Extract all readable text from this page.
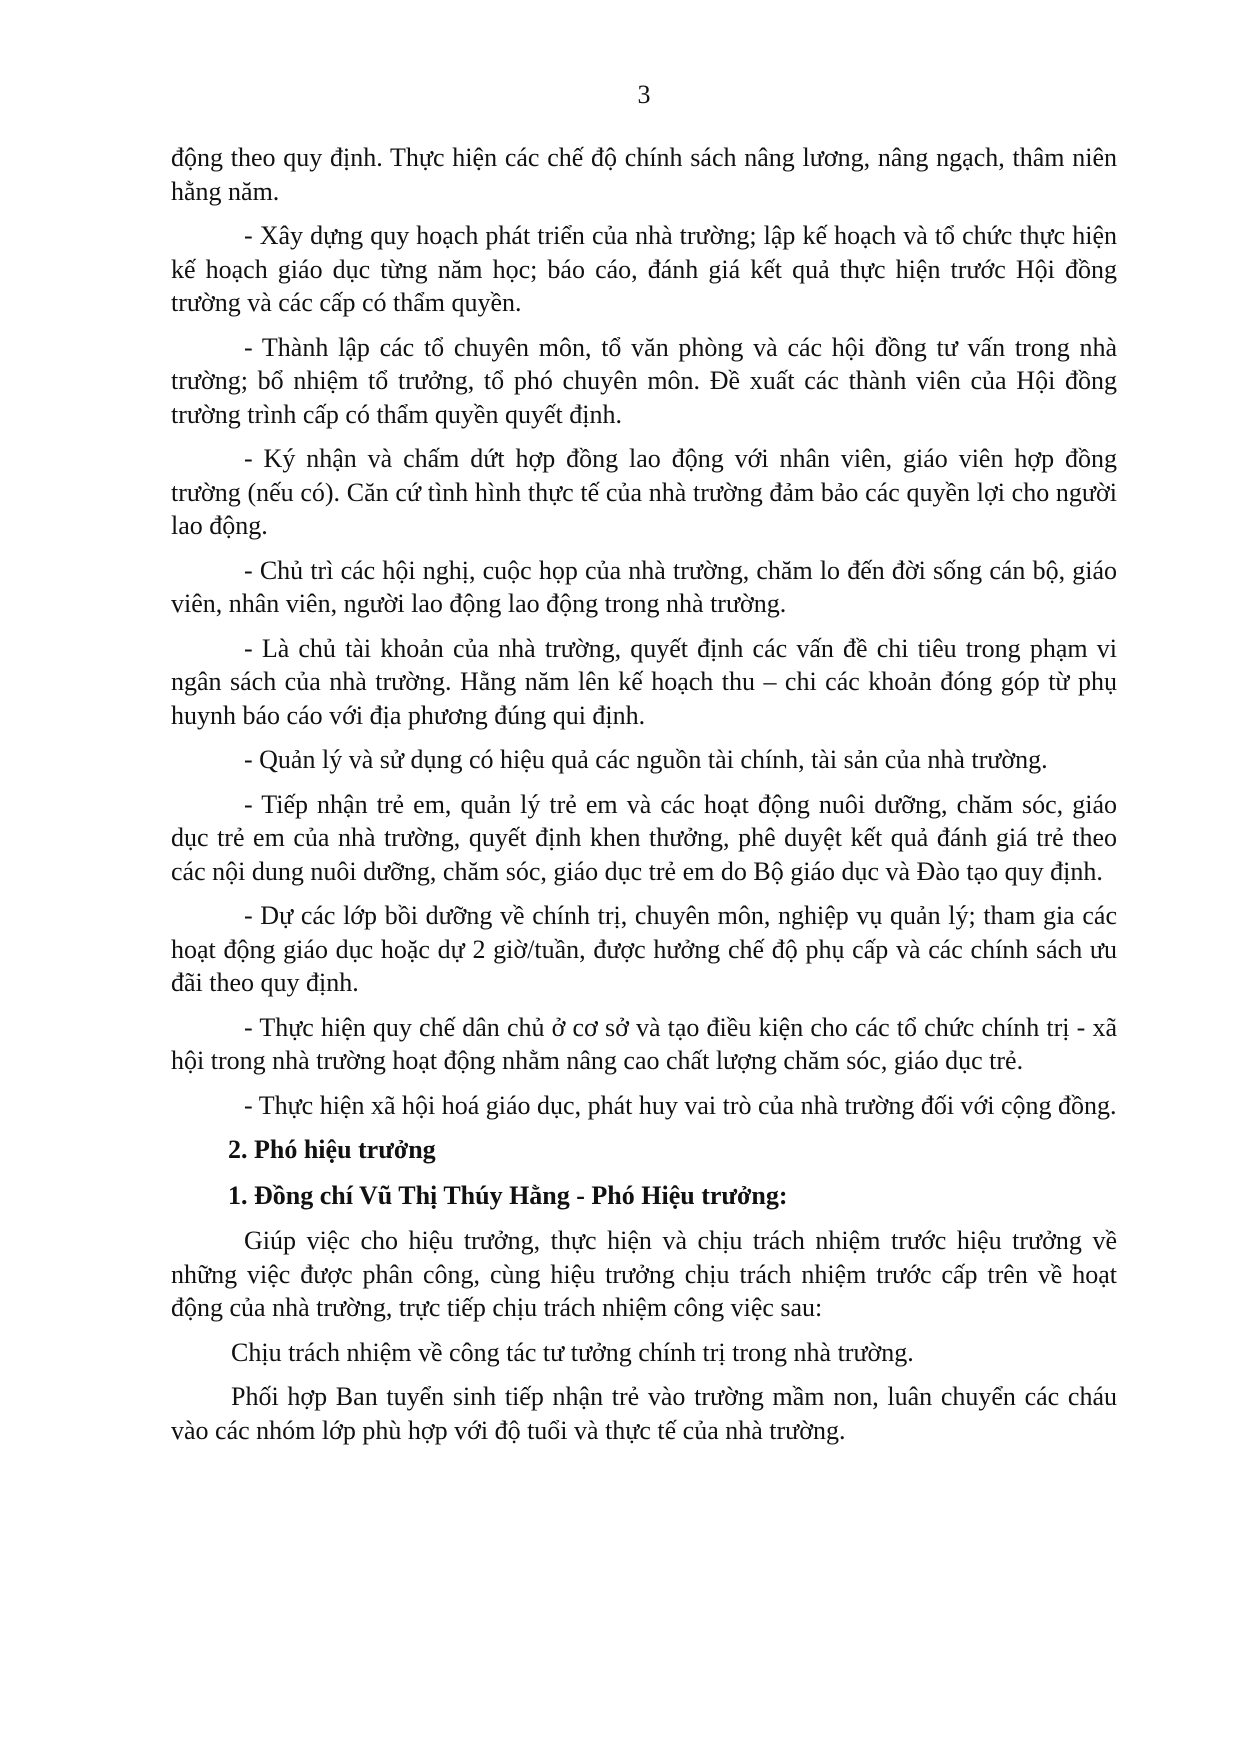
3

động theo quy định. Thực hiện các chế độ chính sách nâng lương, nâng ngạch, thâm niên hằng năm.

- Xây dựng quy hoạch phát triển của nhà trường; lập kế hoạch và tổ chức thực hiện kế hoạch giáo dục từng năm học; báo cáo, đánh giá kết quả thực hiện trước Hội đồng trường và các cấp có thẩm quyền.

- Thành lập các tổ chuyên môn, tổ văn phòng và các hội đồng tư vấn trong nhà trường; bổ nhiệm tổ trưởng, tổ phó chuyên môn. Đề xuất các thành viên của Hội đồng trường trình cấp có thẩm quyền quyết định.

- Ký nhận và chấm dứt hợp đồng lao động với nhân viên, giáo viên hợp đồng trường (nếu có). Căn cứ tình hình thực tế của nhà trường đảm bảo các quyền lợi cho người lao động.

- Chủ trì các hội nghị, cuộc họp của nhà trường, chăm lo đến đời sống cán bộ, giáo viên, nhân viên, người lao động lao động trong nhà trường.

- Là chủ tài khoản của nhà trường, quyết định các vấn đề chi tiêu trong phạm vi ngân sách của nhà trường. Hằng năm lên kế hoạch thu – chi các khoản đóng góp từ phụ huynh báo cáo với địa phương đúng qui định.

- Quản lý và sử dụng có hiệu quả các nguồn tài chính, tài sản của nhà trường.

- Tiếp nhận trẻ em, quản lý trẻ em và các hoạt động nuôi dưỡng, chăm sóc, giáo dục trẻ em của nhà trường, quyết định khen thưởng, phê duyệt kết quả đánh giá trẻ theo các nội dung nuôi dưỡng, chăm sóc, giáo dục trẻ em do Bộ giáo dục và Đào tạo quy định.

- Dự các lớp bồi dưỡng về chính trị, chuyên môn, nghiệp vụ quản lý; tham gia các hoạt động giáo dục hoặc dự 2 giờ/tuần, được hưởng chế độ phụ cấp và các chính sách ưu đãi theo quy định.

- Thực hiện quy chế dân chủ ở cơ sở và tạo điều kiện cho các tổ chức chính trị - xã hội trong nhà trường hoạt động nhằm nâng cao chất lượng chăm sóc, giáo dục trẻ.

- Thực hiện xã hội hoá giáo dục, phát huy vai trò của nhà trường đối với cộng đồng.

2. Phó hiệu trưởng

1. Đồng chí Vũ Thị Thúy Hằng - Phó Hiệu trưởng:

Giúp việc cho hiệu trưởng, thực hiện và chịu trách nhiệm trước hiệu trưởng về những việc được phân công, cùng hiệu trưởng chịu trách nhiệm trước cấp trên về hoạt động của nhà trường, trực tiếp chịu trách nhiệm công việc sau:

Chịu trách nhiệm về công tác tư tưởng chính trị trong nhà trường.

Phối hợp Ban tuyển sinh tiếp nhận trẻ vào trường mầm non, luân chuyển các cháu vào các nhóm lớp phù hợp với độ tuổi và thực tế của nhà trường.
